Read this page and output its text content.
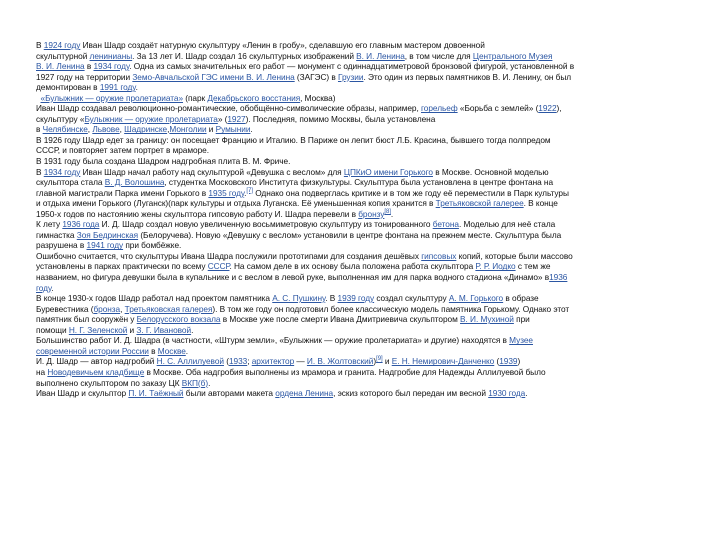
В 1924 году Иван Шадр создаёт натурную скульптуру «Ленин в гробу», сделавшую его главным мастером довоенной
скульптурной ленинианы. За 13 лет И. Шадр создал 16 скульптурных изображений В. И. Ленина, в том числе для Центрального Музея
В. И. Ленина в 1934 году. Одна из самых значительных его работ — монумент с одиннадцатиметровой бронзовой фигурой, установленной в
1927 году на территории Земо-Авчальской ГЭС имени В. И. Ленина (ЗАГЭС) в Грузии. Это один из первых памятников В. И. Ленину, он был
демонтирован в 1991 году.
«Булыжник — оружие пролетариата» (парк Декабрьского восстания, Москва)
Иван Шадр создавал революционно-романтические, обобщённо-символические образы, например, горельеф «Борьба с землей» (1922),
скульптуру «Булыжник — оружие пролетариата» (1927). Последняя, помимо Москвы, была установлена
в Челябинске, Львове, Шадринске,Монголии и Румынии.
В 1926 году Шадр едет за границу: он посещает Францию и Италию. В Париже он лепит бюст Л.Б. Красина, бывшего тогда полпредом
СССР, и повторяет затем портрет в мраморе.
В 1931 году была создана Шадром надгробная плита В. М. Фриче.
В 1934 году Иван Шадр начал работу над скульптурой «Девушка с веслом» для ЦПКиО имени Горького в Москве. Основной моделью
скульптора стала В. Д. Волошина, студентка Московского Института физкультуры. Скульптура была установлена в центре фонтана на
главной магистрали Парка имени Горького в 1935 году.[7] Однако она подверглась критике и в том же году её переместили в Парк культуры
и отдыха имени Горького (Луганск)(парк культуры и отдыха Луганска. Её уменьшенная копия хранится в Третьяковской галерее. В конце
1950-х годов по настоянию жены скульптора гипсовую работу И. Шадра перевели в бронзу[8].
К лету 1936 года И. Д. Шадр создал новую увеличенную восьмиметровую скульптуру из тонированного бетона. Моделью для неё стала
гимнастка Зоя Бедринская (Белоручева). Новую «Девушку с веслом» установили в центре фонтана на прежнем месте. Скульптура была
разрушена в 1941 году при бомбёжке.
Ошибочно считается, что скульптуры Ивана Шадра послужили прототипами для создания дешёвых гипсовых копий, которые были массово
установлены в парках практически по всему СССР. На самом деле в их основу была положена работа скульптора Р. Р. Иодко с тем же
названием, но фигура девушки была в купальнике и с веслом в левой руке, выполненная им для парка водного стадиона «Динамо» в1936
году.
В конце 1930-х годов Шадр работал над проектом памятника А. С. Пушкину. В 1939 году создал скульптуру А. М. Горького в образе
Буревестника (бронза, Третьяковская галерея). В том же году он подготовил более классическую модель памятника Горькому. Однако этот
памятник был сооружён у Белорусского вокзала в Москве уже после смерти Ивана Дмитриевича скульптором В. И. Мухиной при
помощи Н. Г. Зеленской и З. Г. Ивановой.
Большинство работ И. Д. Шадра (в частности, «Штурм земли», «Булыжник — оружие пролетариата» и другие) находятся в Музее
современной истории России в Москве.
И. Д. Шадр — автор надгробий Н. С. Аллилуевой (1933; архитектор — И. В. Жолтовский)[9] и Е. Н. Немирович-Данченко (1939)
на Новодевичьем кладбище в Москве. Оба надгробия выполнены из мрамора и гранита. Надгробие для Надежды Аллилуевой было
выполнено скульптором по заказу ЦК ВКП(б).
Иван Шадр и скульптор П. И. Таёжный были авторами макета ордена Ленина, эскиз которого был передан им весной 1930 года.
